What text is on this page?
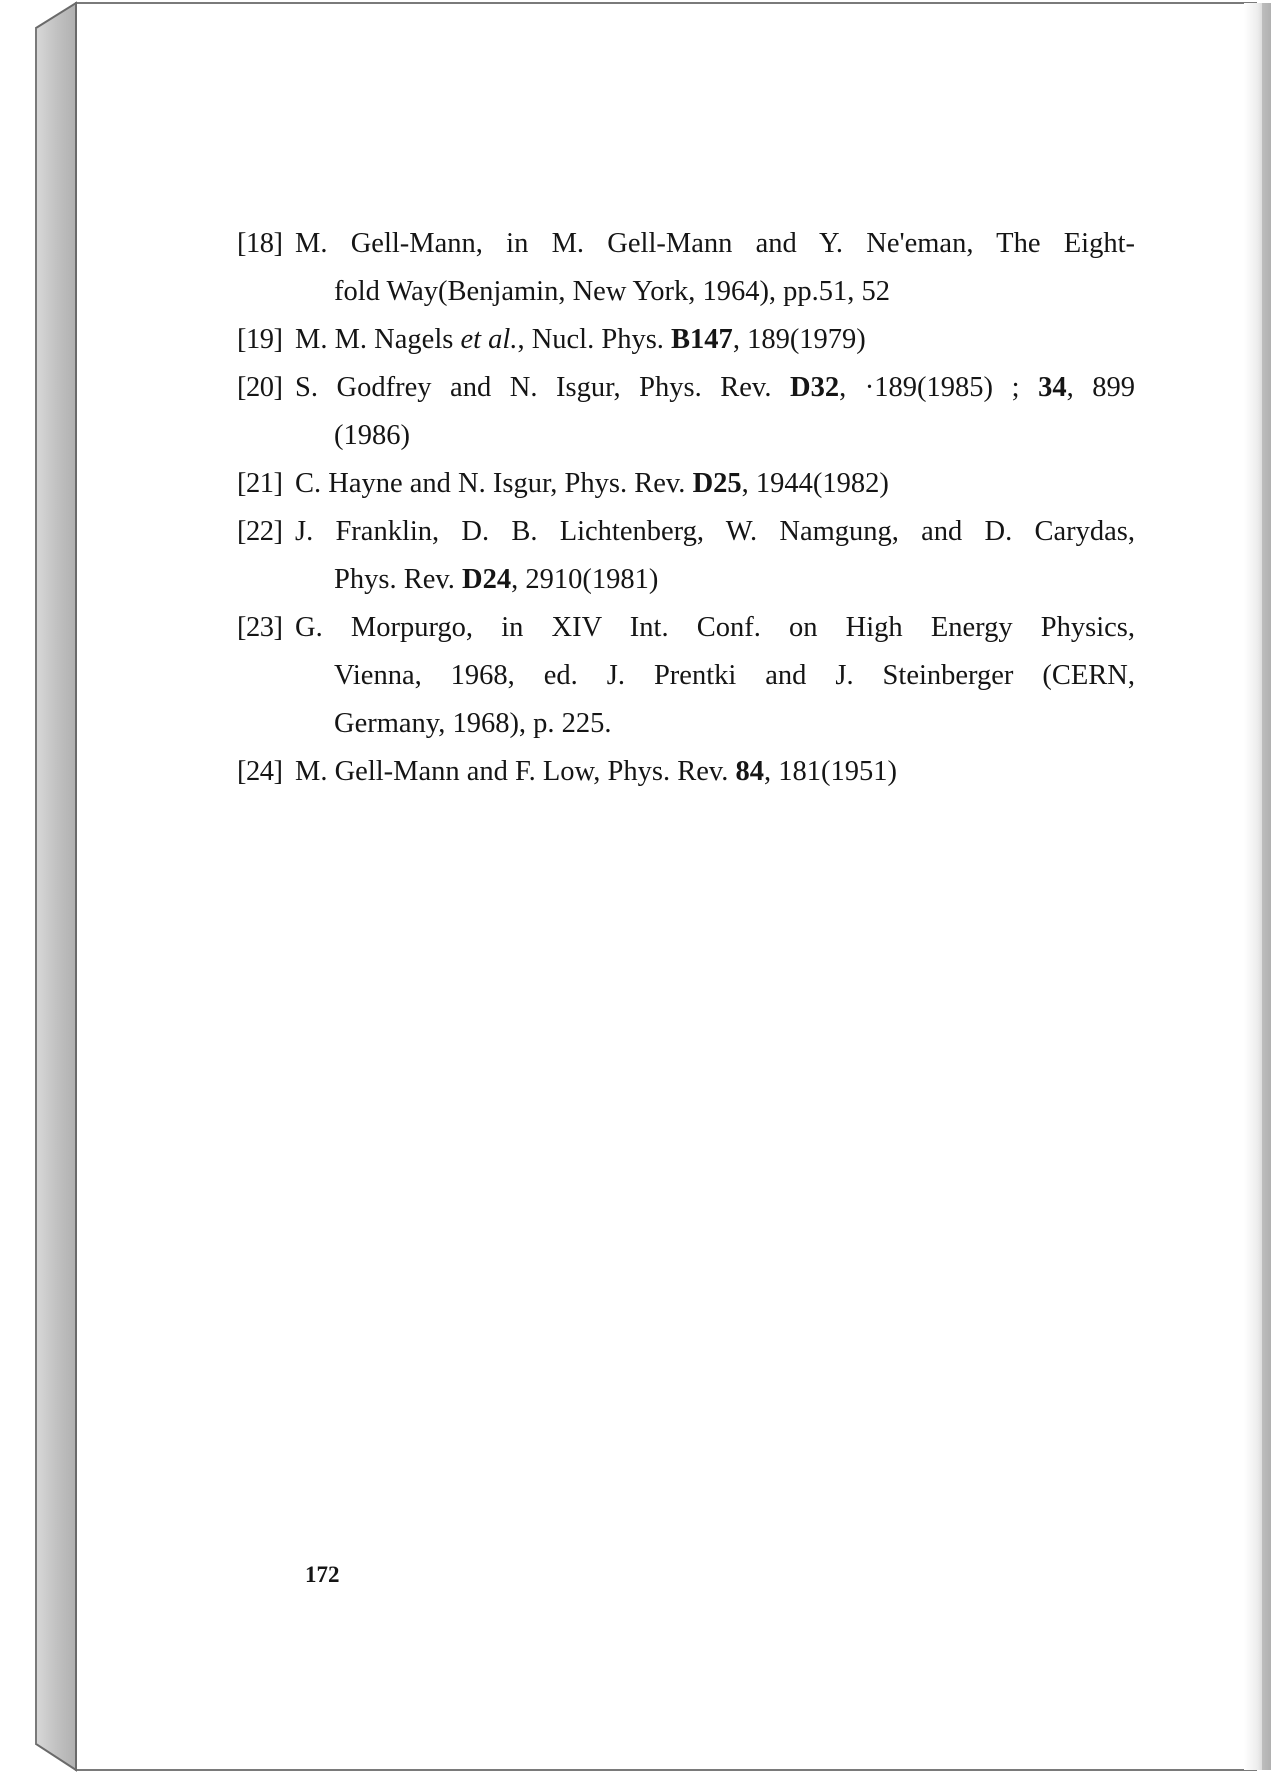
[18] M. Gell-Mann, in M. Gell-Mann and Y. Ne'eman, The Eight-
fold Way(Benjamin, New York, 1964), pp.51, 52
[19] M. M. Nagels et al., Nucl. Phys. B147, 189(1979)
[20] S. Godfrey and N. Isgur, Phys. Rev. D32, ·189(1985) ; 34, 899
(1986)
[21] C. Hayne and N. Isgur, Phys. Rev. D25, 1944(1982)
[22] J. Franklin, D. B. Lichtenberg, W. Namgung, and D. Carydas,
Phys. Rev. D24, 2910(1981)
[23] G. Morpurgo, in XIV Int. Conf. on High Energy Physics,
Vienna, 1968, ed. J. Prentki and J. Steinberger (CERN,
Germany, 1968), p. 225.
[24] M. Gell-Mann and F. Low, Phys. Rev. 84, 181(1951)
172
